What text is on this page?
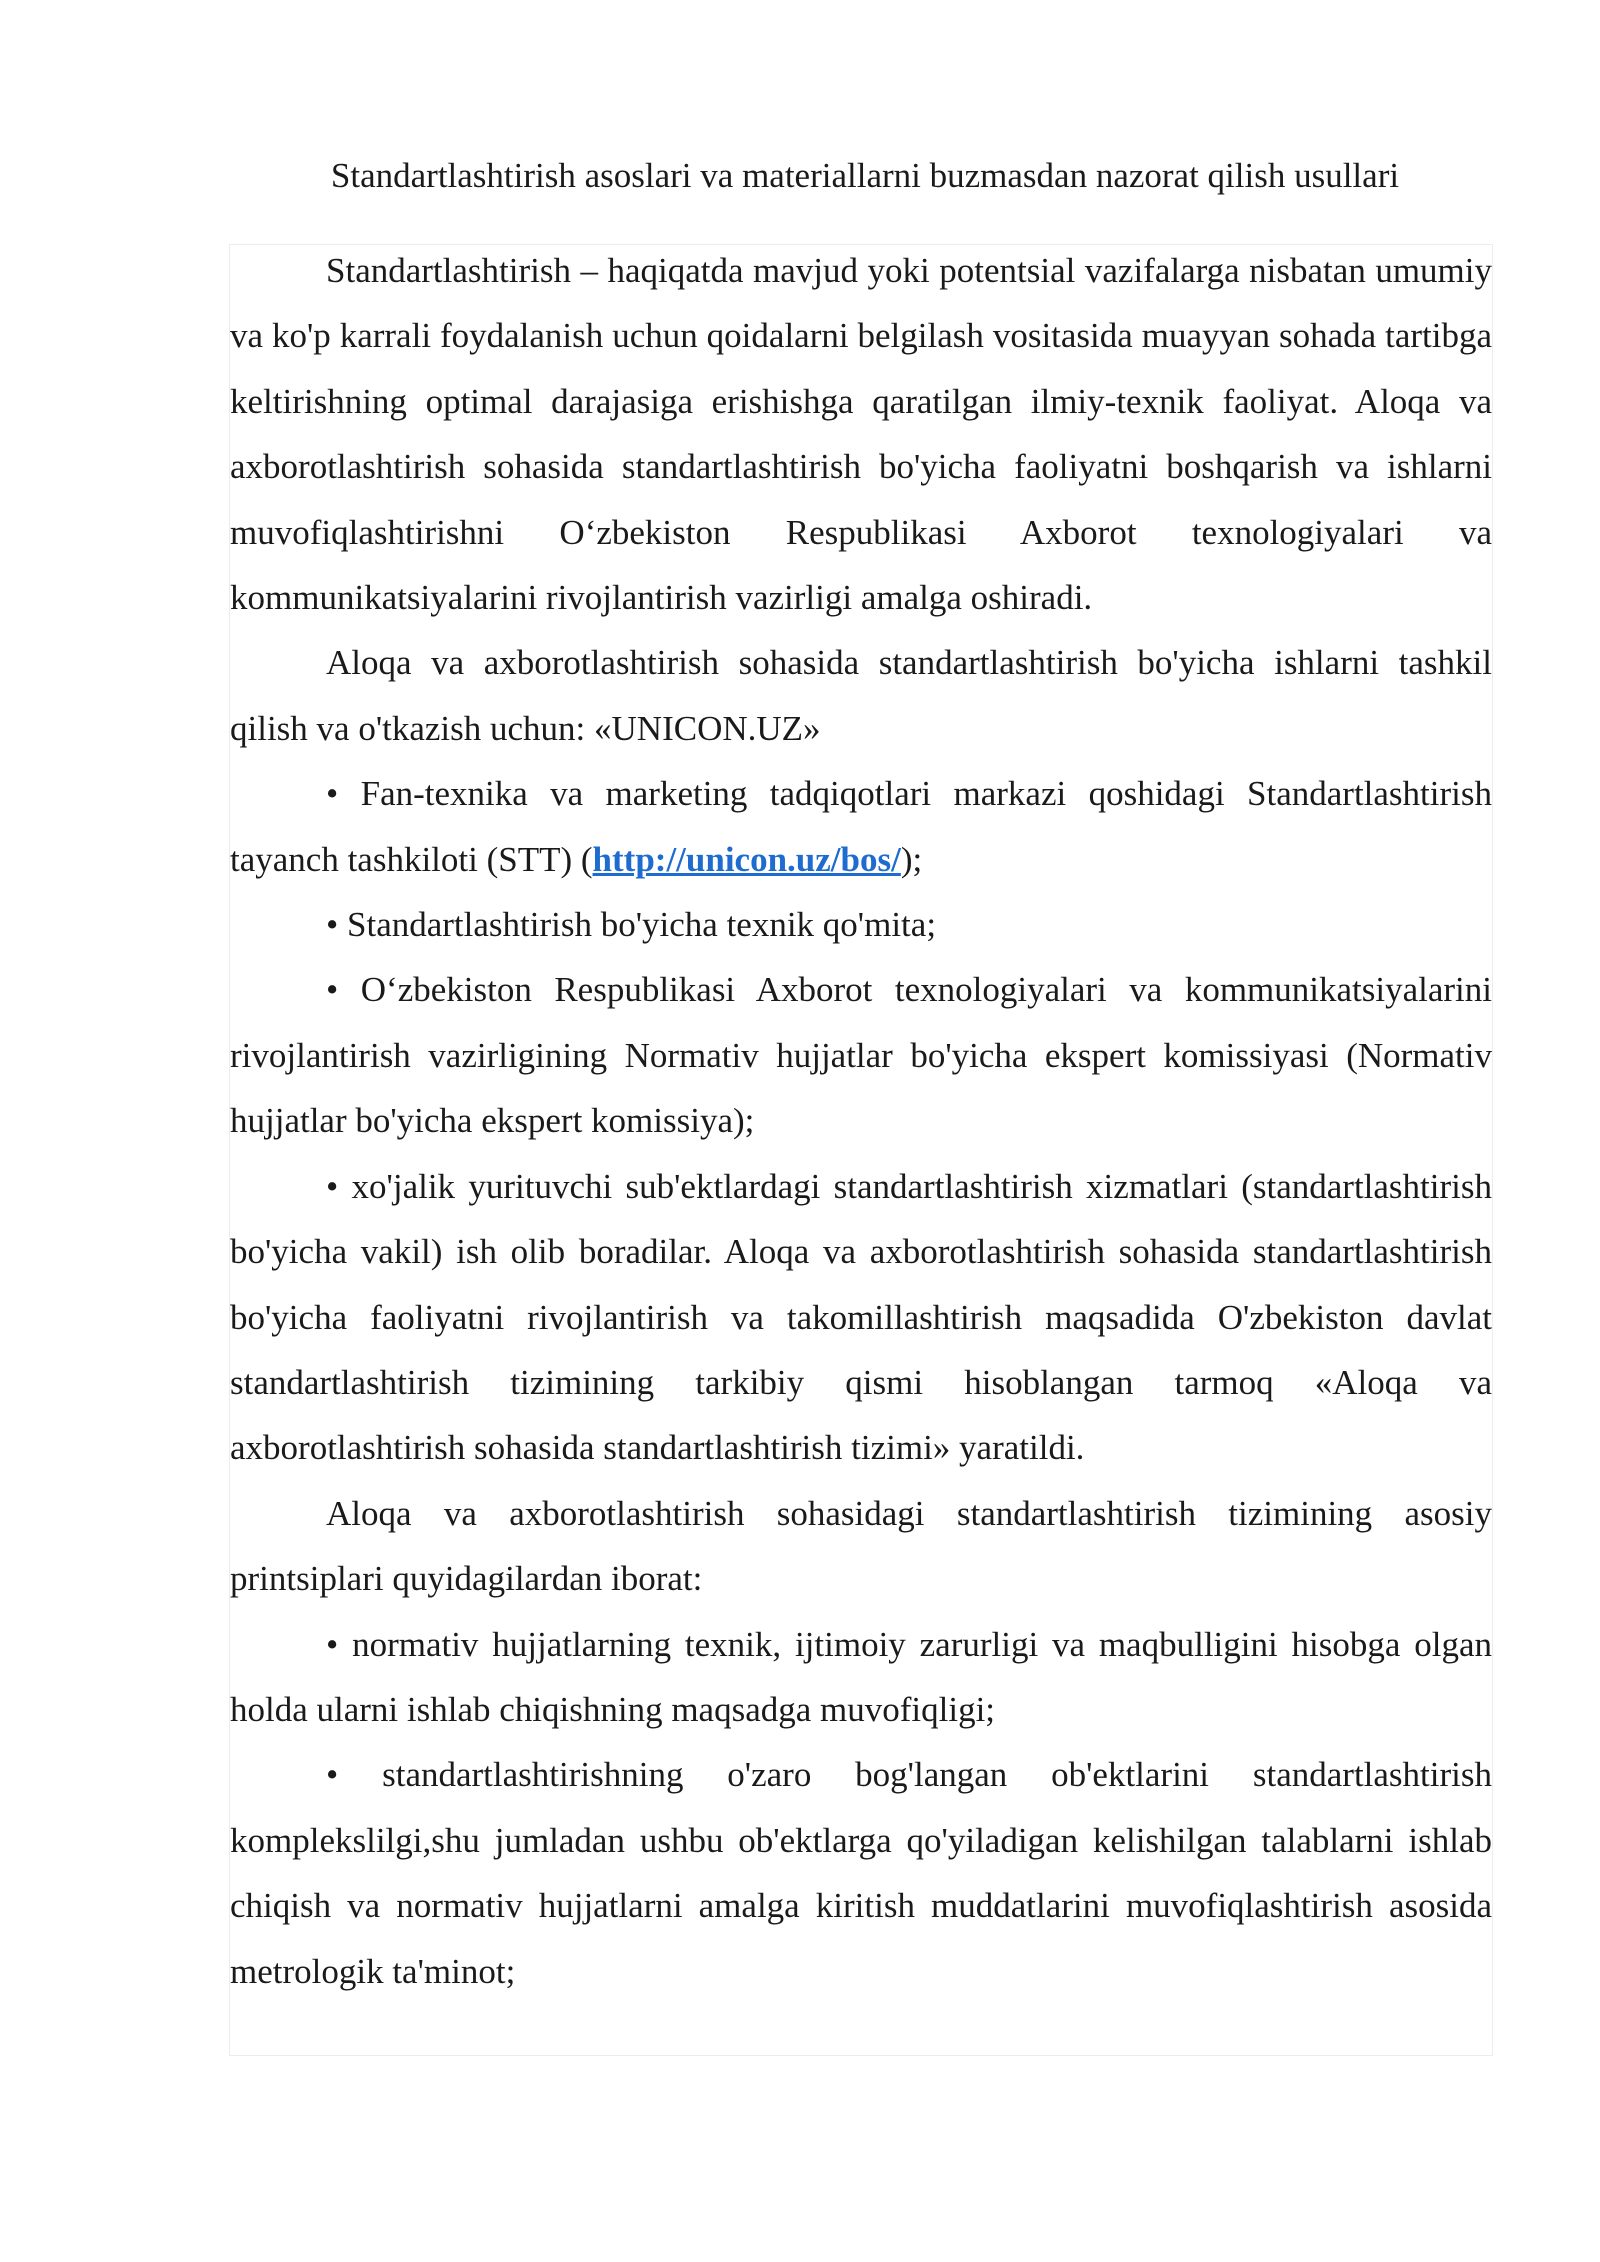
Standartlashtirish asoslari va materiallarni buzmasdan nazorat qilish usullari

Standartlashtirish – haqiqatda mavjud yoki potentsial vazifalarga nisbatan umumiy va ko'p karrali foydalanish uchun qoidalarni belgilash vositasida muayyan sohada tartibga keltirishning optimal darajasiga erishishga qaratilgan ilmiy-texnik faoliyat. Aloqa va axborotlashtirish sohasida standartlashtirish bo'yicha faoliyatni boshqarish va ishlarni muvofiqlashtirishni O‘zbekiston Respublikasi Axborot texnologiyalari va kommunikatsiyalarini rivojlantirish vazirligi amalga oshiradi.

Aloqa va axborotlashtirish sohasida standartlashtirish bo'yicha ishlarni tashkil qilish va o'tkazish uchun: «UNICON.UZ»

• Fan-texnika va marketing tadqiqotlari markazi qoshidagi Standartlashtirish tayanch tashkiloti (STT) (http://unicon.uz/bos/);

• Standartlashtirish bo'yicha texnik qo'mita;

• O‘zbekiston Respublikasi Axborot texnologiyalari va kommunikatsiyalarini rivojlantirish vazirligining Normativ hujjatlar bo'yicha ekspert komissiyasi (Normativ hujjatlar bo'yicha ekspert komissiya);

• xo'jalik yurituvchi sub'ektlardagi standartlashtirish xizmatlari (standartlashtirish bo'yicha vakil) ish olib boradilar. Aloqa va axborotlashtirish sohasida standartlashtirish bo'yicha faoliyatni rivojlantirish va takomillashtirish maqsadida O'zbekiston davlat standartlashtirish tizimining tarkibiy qismi hisoblangan tarmoq «Aloqa va axborotlashtirish sohasida standartlashtirish tizimi» yaratildi.

Aloqa va axborotlashtirish sohasidagi standartlashtirish tizimining asosiy printsiplari quyidagilardan iborat:

• normativ hujjatlarning texnik, ijtimoiy zarurligi va maqbulligini hisobga olgan holda ularni ishlab chiqishning maqsadga muvofiqligi;

• standartlashtirishning o'zaro bog'langan ob'ektlarini standartlashtirish komplekslilgi,shu jumladan ushbu ob'ektlarga qo'yiladigan kelishilgan talablarni ishlab chiqish va normativ hujjatlarni amalga kiritish muddatlarini muvofiqlashtirish asosida metrologik ta'minot;
